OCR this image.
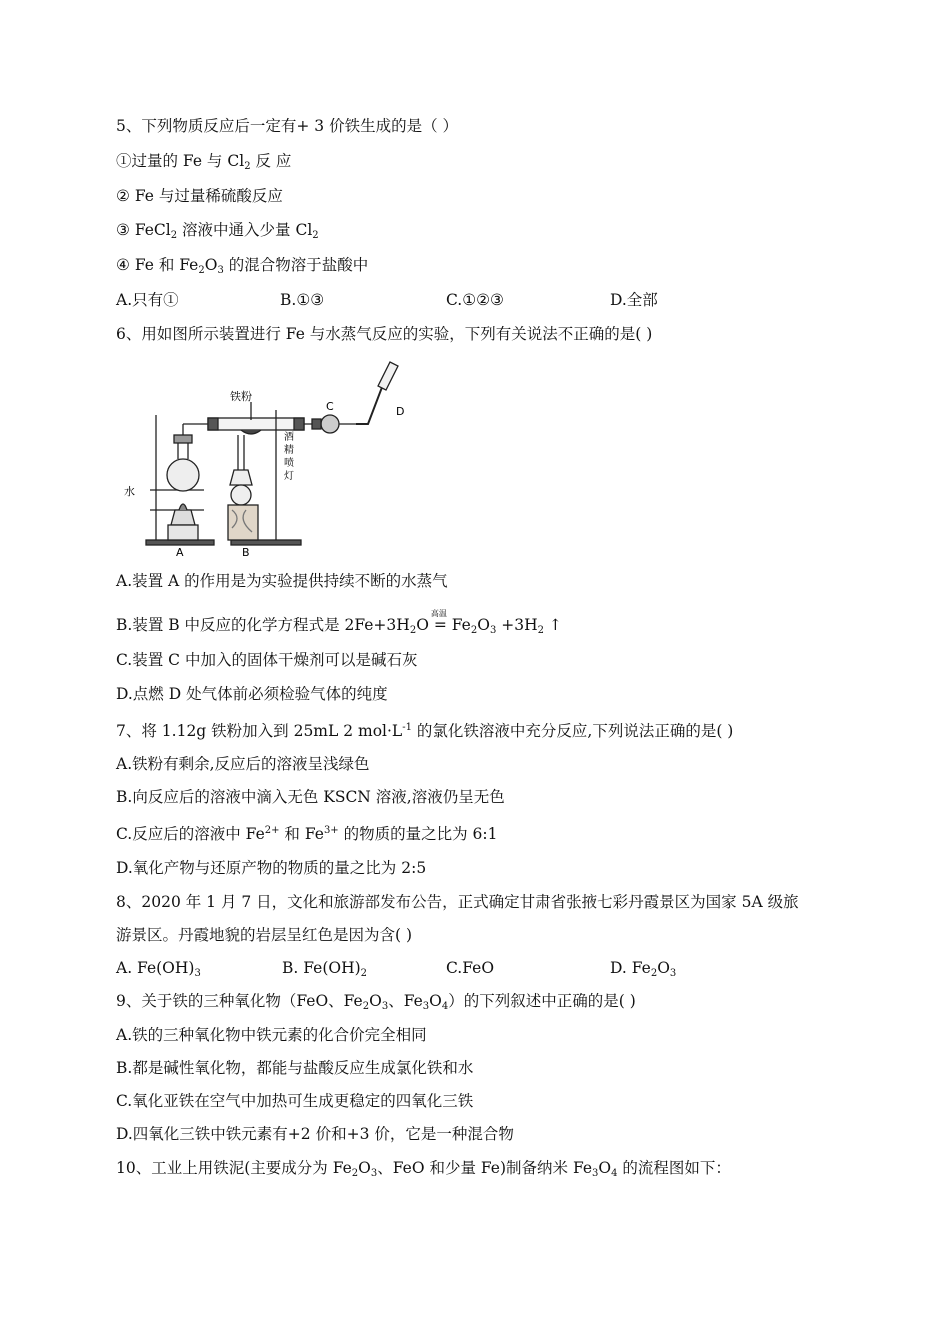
5、下列物质反应后一定有+ 3 价铁生成的是（ ）
①过量的 Fe 与 $Cl_2$ 反 应
② Fe 与过量稀硫酸反应
③ FeCl$_2$ 溶液中通入少量 $Cl_2$
④ Fe 和 $Fe_2O_3$ 的混合物溶于盐酸中
A.只有①	B.①③	C.①②③	D.全部
6、用如图所示装置进行 Fe 与水蒸气反应的实验，下列有关说法不正确的是( )
铁粉
水
C	D
A	B
酒
精
喷
灯
A.装置 A 的作用是为实验提供持续不断的水蒸气
B.装置 B 中反应的化学方程式是 $2Fe+3H_2O$
高温
= $Fe_2O_3 +3H_2$ ↑
C.装置 C 中加入的固体干燥剂可以是碱石灰
D.点燃 D 处气体前必须检验气体的纯度
7、将 1.12g 铁粉加入到 25mL 2 $mol\cdot L^{-1}$ 的氯化铁溶液中充分反应,下列说法正确的是( )
A.铁粉有剩余,反应后的溶液呈浅绿色
B.向反应后的溶液中滴入无色 KSCN 溶液,溶液仍呈无色
C.反应后的溶液中 $Fe^{2+}$ 和 $Fe^{3+}$ 的物质的量之比为 6:1
D.氧化产物与还原产物的物质的量之比为 2:5
8、2020 年 1 月 7 日，文化和旅游部发布公告，正式确定甘肃省张掖七彩丹霞景区为国家 5A 级旅
游景区。丹霞地貌的岩层呈红色是因为含( )
A. $Fe(OH)_3$	B. $Fe(OH)_2$	C.FeO	D. $Fe_2O_3$
9、关于铁的三种氧化物（FeO、$Fe_2O_3$、$Fe_3O_4$）的下列叙述中正确的是( )
A.铁的三种氧化物中铁元素的化合价完全相同
B.都是碱性氧化物，都能与盐酸反应生成氯化铁和水
C.氧化亚铁在空气中加热可生成更稳定的四氧化三铁
D.四氧化三铁中铁元素有+2 价和+3 价，它是一种混合物
10、工业上用铁泥(主要成分为 $Fe_2O_3$、FeO 和少量 Fe)制备纳米 $Fe_3O_4$ 的流程图如下：
